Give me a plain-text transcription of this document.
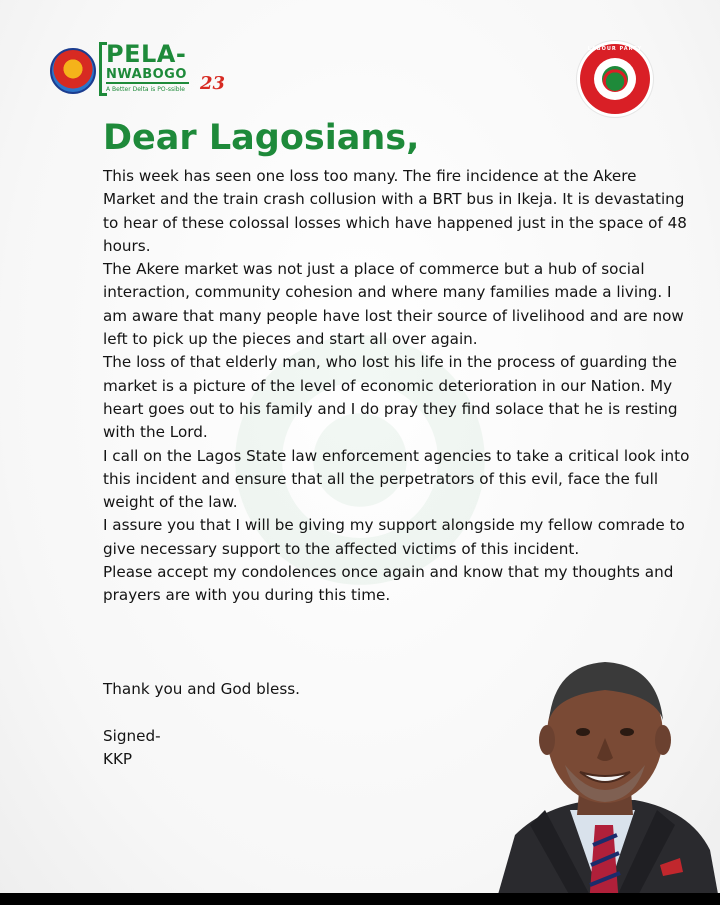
PELA-
NWABOGO 23
A Better Delta is PO-ssible
LABOUR PARTY
Dear Lagosians,

This week has seen one loss too many. The fire incidence at the Akere Market and the train crash collusion with a BRT bus in Ikeja. It is devastating to hear of these colossal losses which have happened just in the space of 48 hours.

The Akere market was not just a place of commerce but a hub of social interaction, community cohesion and where many families made a living. I am aware that many people have lost their source of livelihood and are now left to pick up the pieces and start all over again.

The loss of that elderly man, who lost his life in the process of guarding the market is a picture of the level of economic deterioration in our Nation. My heart goes out to his family and I do pray they find solace that he is resting with the Lord.

I call on the Lagos State law enforcement agencies to take a critical look into this incident and ensure that all the perpetrators of this evil, face the full weight of the law.

I assure you that I will be giving my support alongside my fellow comrade to give necessary support to the affected victims of this incident.

Please accept my condolences once again and know that my thoughts and prayers are with you during this time.

Thank you and God bless.

Signed-
KKP
